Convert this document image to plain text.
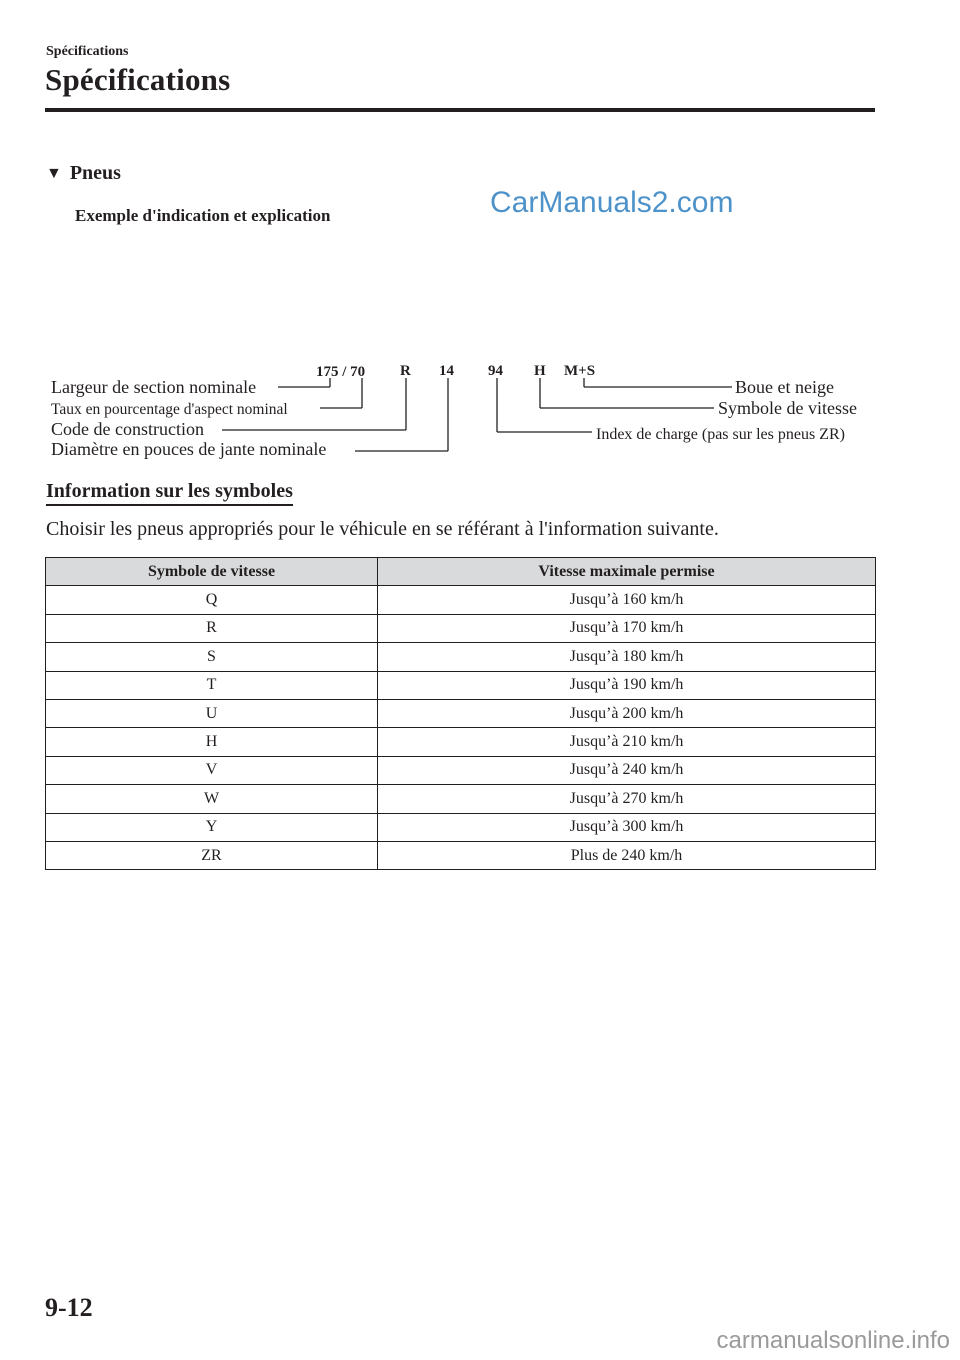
Spécifications
Spécifications
▼ Pneus
Exemple d'indication et explication	CarManuals2.com
175 / 70 R 14 94 H M+S
Largeur de section nominale
Taux en pourcentage d'aspect nominal
Code de construction
Diamètre en pouces de jante nominale
Boue et neige
Symbole de vitesse
Index de charge (pas sur les pneus ZR)
Information sur les symboles
Choisir les pneus appropriés pour le véhicule en se référant à l'information suivante.
Symbole de vitesse	Vitesse maximale permise
Q	Jusqu’à 160 km/h
R	Jusqu’à 170 km/h
S	Jusqu’à 180 km/h
T	Jusqu’à 190 km/h
U	Jusqu’à 200 km/h
H	Jusqu’à 210 km/h
V	Jusqu’à 240 km/h
W	Jusqu’à 270 km/h
Y	Jusqu’à 300 km/h
ZR	Plus de 240 km/h
9-12
carmanualsonline.info
